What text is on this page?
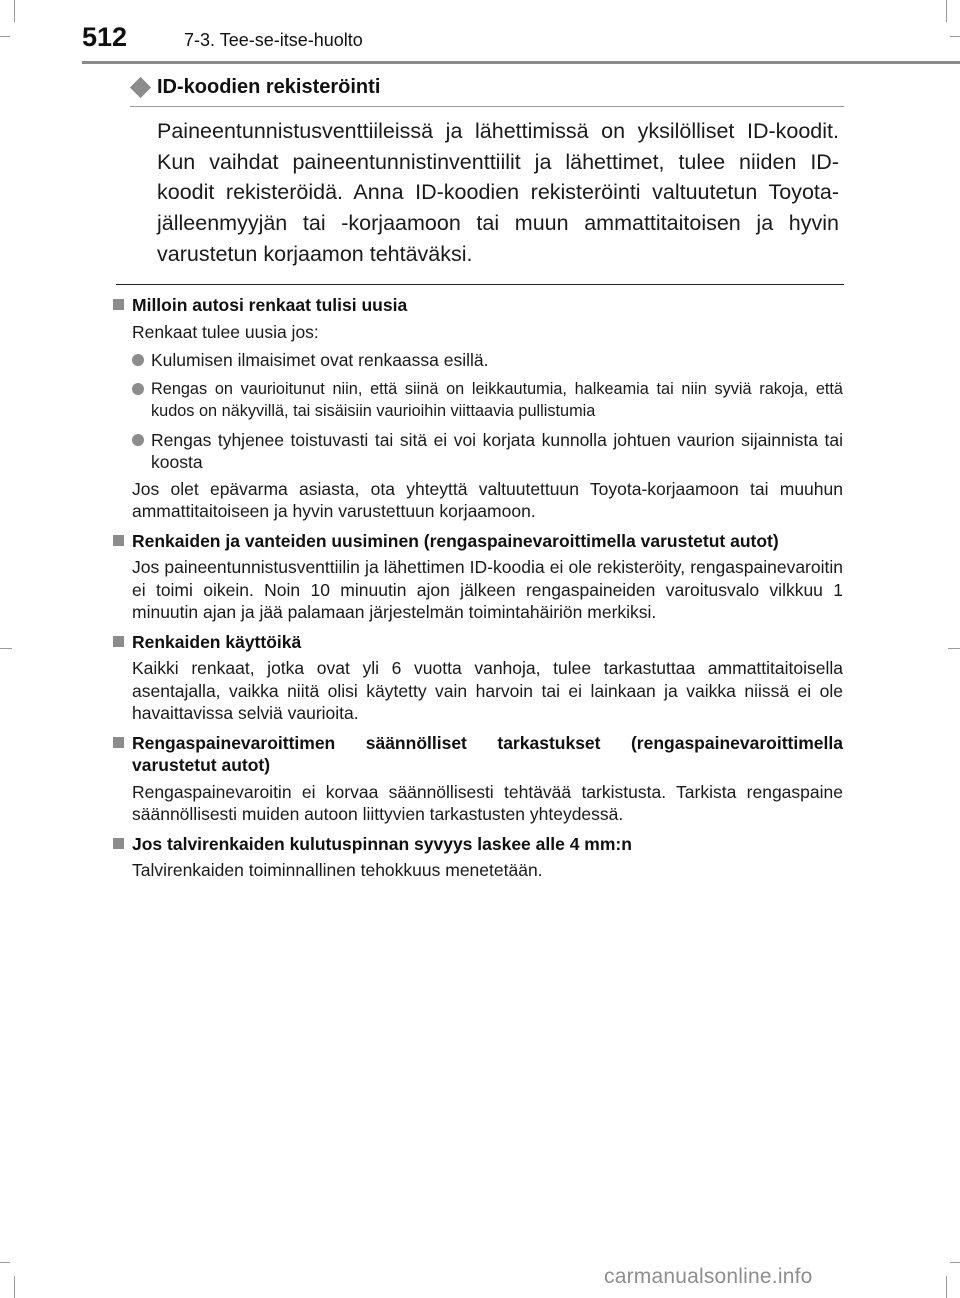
512	7-3. Tee-se-itse-huolto
ID-koodien rekisteröinti
Paineentunnistusventtiileissä ja lähettimissä on yksilölliset ID-koodit. Kun vaihdat paineentunnistinventtiilit ja lähettimet, tulee niiden ID-koodit rekisteröidä. Anna ID-koodien rekisteröinti valtuutetun Toyota-jälleenmyyjän tai -korjaamoon tai muun ammattitaitoisen ja hyvin varustetun korjaamon tehtäväksi.
Milloin autosi renkaat tulisi uusia
Renkaat tulee uusia jos:
Kulumisen ilmaisimet ovat renkaassa esillä.
Rengas on vaurioitunut niin, että siinä on leikkautumia, halkeamia tai niin syviä rakoja, että kudos on näkyvillä, tai sisäisiin vaurioihin viittaavia pullistumia
Rengas tyhjenee toistuvasti tai sitä ei voi korjata kunnolla johtuen vaurion sijainnista tai koosta
Jos olet epävarma asiasta, ota yhteyttä valtuutettuun Toyota-korjaamoon tai muuhun ammattitaitoiseen ja hyvin varustettuun korjaamoon.
Renkaiden ja vanteiden uusiminen (rengaspainevaroittimella varustetut autot)
Jos paineentunnistusventtiilin ja lähettimen ID-koodia ei ole rekisteröity, rengaspainevaroitin ei toimi oikein. Noin 10 minuutin ajon jälkeen rengaspaineiden varoitusvalo vilkkuu 1 minuutin ajan ja jää palamaan järjestelmän toimintahäiriön merkiksi.
Renkaiden käyttöikä
Kaikki renkaat, jotka ovat yli 6 vuotta vanhoja, tulee tarkastuttaa ammattitaitoisella asentajalla, vaikka niitä olisi käytetty vain harvoin tai ei lainkaan ja vaikka niissä ei ole havaittavissa selviä vaurioita.
Rengaspainevaroittimen säännölliset tarkastukset (rengaspainevaroittimella varustetut autot)
Rengaspainevaroitin ei korvaa säännöllisesti tehtävää tarkistusta. Tarkista rengaspaine säännöllisesti muiden autoon liittyvien tarkastusten yhteydessä.
Jos talvirenkaiden kulutuspinnan syvyys laskee alle 4 mm:n
Talvirenkaiden toiminnallinen tehokkuus menetetään.
carmanualsonline.info
